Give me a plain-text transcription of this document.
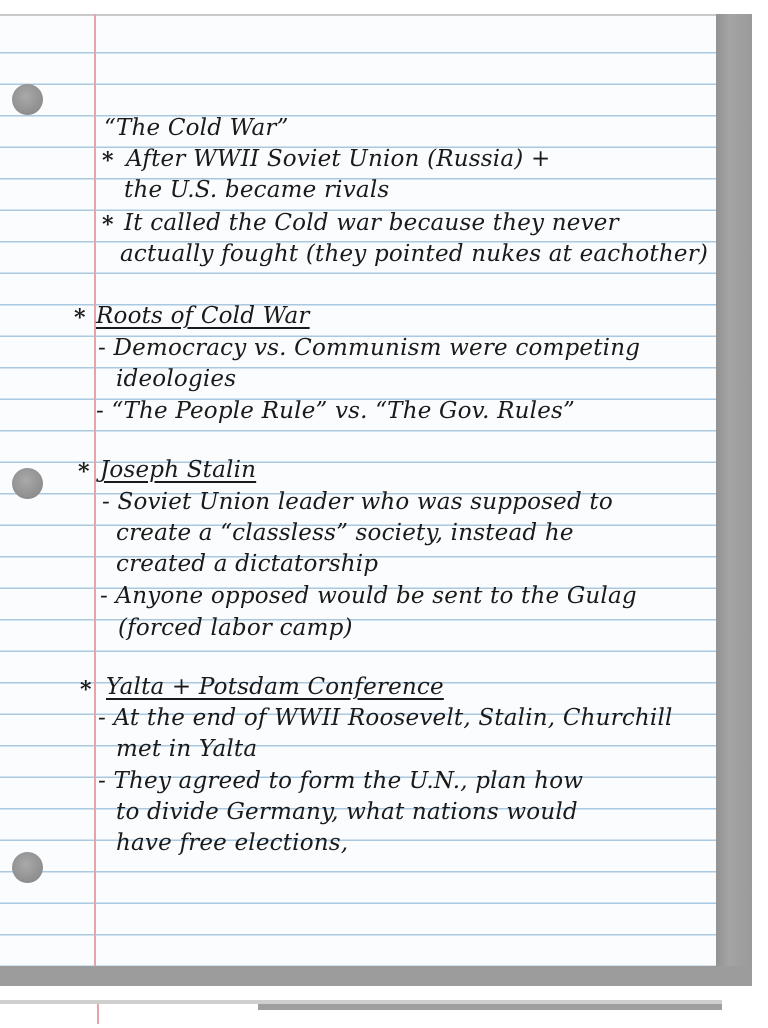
“The Cold War”
* After WWII Soviet Union (Russia) +
the U.S. became rivals
* It called the Cold war because they never
actually fought (they pointed nukes at eachother)
* Roots of Cold War
- Democracy vs. Communism were competing
ideologies
- “The People Rule” vs. “The Gov. Rules”
* Joseph Stalin
- Soviet Union leader who was supposed to
create a “classless” society, instead he
created a dictatorship
- Anyone opposed would be sent to the Gulag
(forced labor camp)
* Yalta + Potsdam Conference
- At the end of WWII Roosevelt, Stalin, Churchill
met in Yalta
- They agreed to form the U.N., plan how
to divide Germany, what nations would
have free elections,
